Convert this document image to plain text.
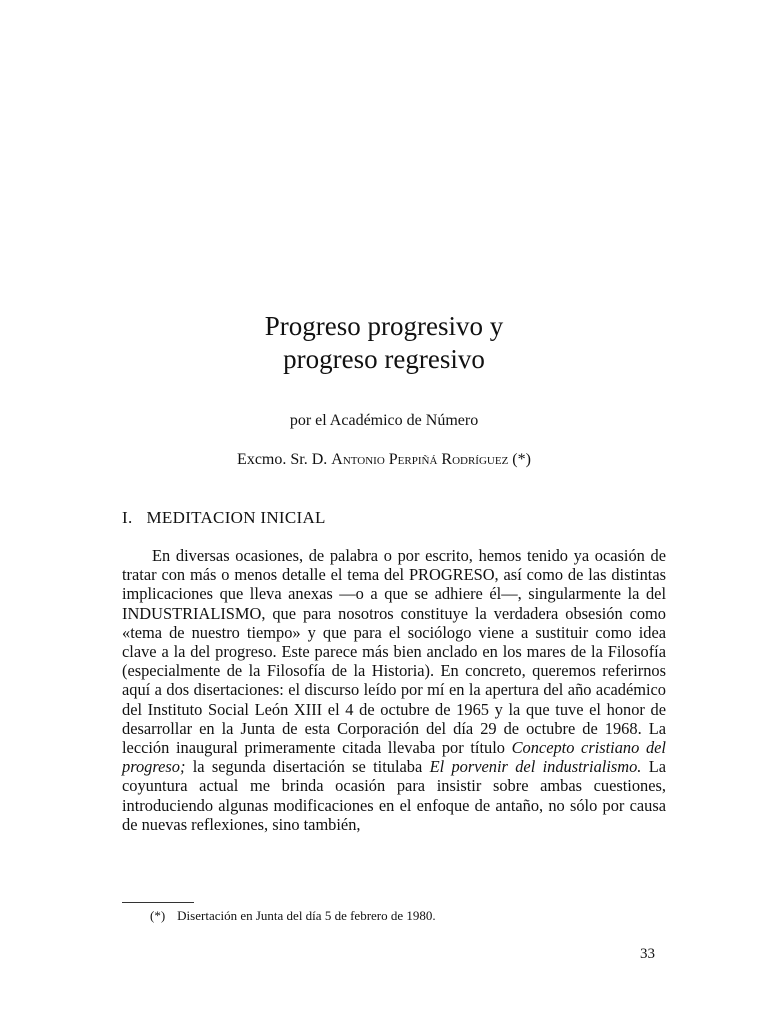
Progreso progresivo y
progreso regresivo

por el Académico de Número

Excmo. Sr. D. Antonio Perpiñá Rodríguez (*)

I. MEDITACION INICIAL

En diversas ocasiones, de palabra o por escrito, hemos tenido ya ocasión de tratar con más o menos detalle el tema del PROGRESO, así como de las distintas implicaciones que lleva anexas —o a que se adhiere él—, singularmente la del INDUSTRIALISMO, que para nosotros constituye la verdadera obsesión como «tema de nuestro tiempo» y que para el sociólogo viene a sustituir como idea clave a la del progreso. Este parece más bien anclado en los mares de la Filosofía (especialmente de la Filosofía de la Historia). En concreto, queremos referirnos aquí a dos disertaciones: el discurso leído por mí en la apertura del año académico del Instituto Social León XIII el 4 de octubre de 1965 y la que tuve el honor de desarrollar en la Junta de esta Corporación del día 29 de octubre de 1968. La lección inaugural primeramente citada llevaba por título Concepto cristiano del progreso; la segunda disertación se titulaba El porvenir del industrialismo. La coyuntura actual me brinda ocasión para insistir sobre ambas cuestiones, introduciendo algunas modificaciones en el enfoque de antaño, no sólo por causa de nuevas reflexiones, sino también,

(*) Disertación en Junta del día 5 de febrero de 1980.

33
